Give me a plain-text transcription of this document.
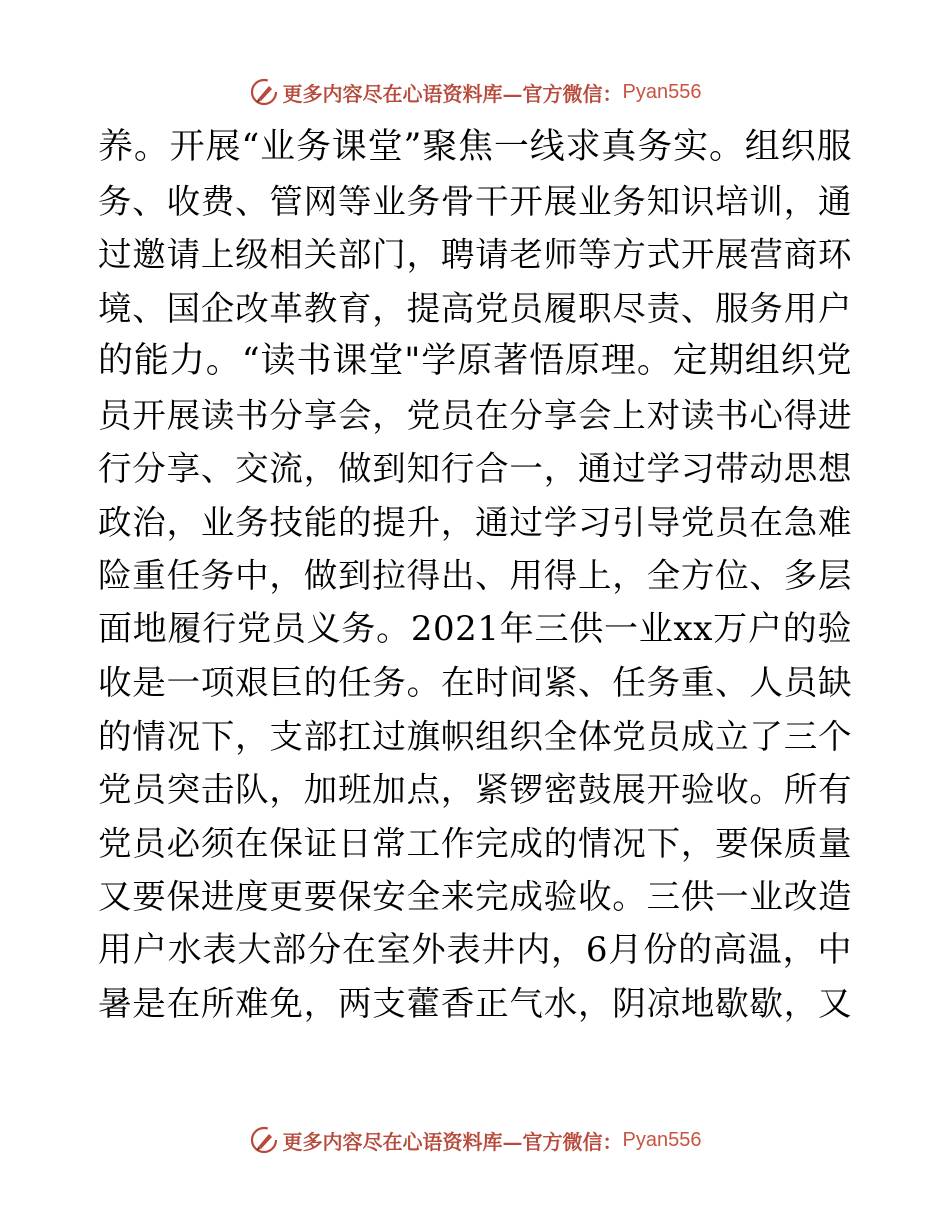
更多内容尽在心语资料库—官方微信： Pyan556
养。开展“业务课堂”聚焦一线求真务实。组织服
务、收费、管网等业务骨干开展业务知识培训，通
过邀请上级相关部门，聘请老师等方式开展营商环
境、国企改革教育，提高党员履职尽责、服务用户
的能力。“读书课堂"学原著悟原理。定期组织党
员开展读书分享会，党员在分享会上对读书心得进
行分享、交流，做到知行合一，通过学习带动思想
政治，业务技能的提升，通过学习引导党员在急难
险重任务中，做到拉得出、用得上，全方位、多层
面地履行党员义务。2021年三供一业xx万户的验
收是一项艰巨的任务。在时间紧、任务重、人员缺
的情况下，支部扛过旗帜组织全体党员成立了三个
党员突击队，加班加点，紧锣密鼓展开验收。所有
党员必须在保证日常工作完成的情况下，要保质量
又要保进度更要保安全来完成验收。三供一业改造
用户水表大部分在室外表井内，6月份的高温，中
暑是在所难免，两支藿香正气水，阴凉地歇歇，又
更多内容尽在心语资料库—官方微信： Pyan556
